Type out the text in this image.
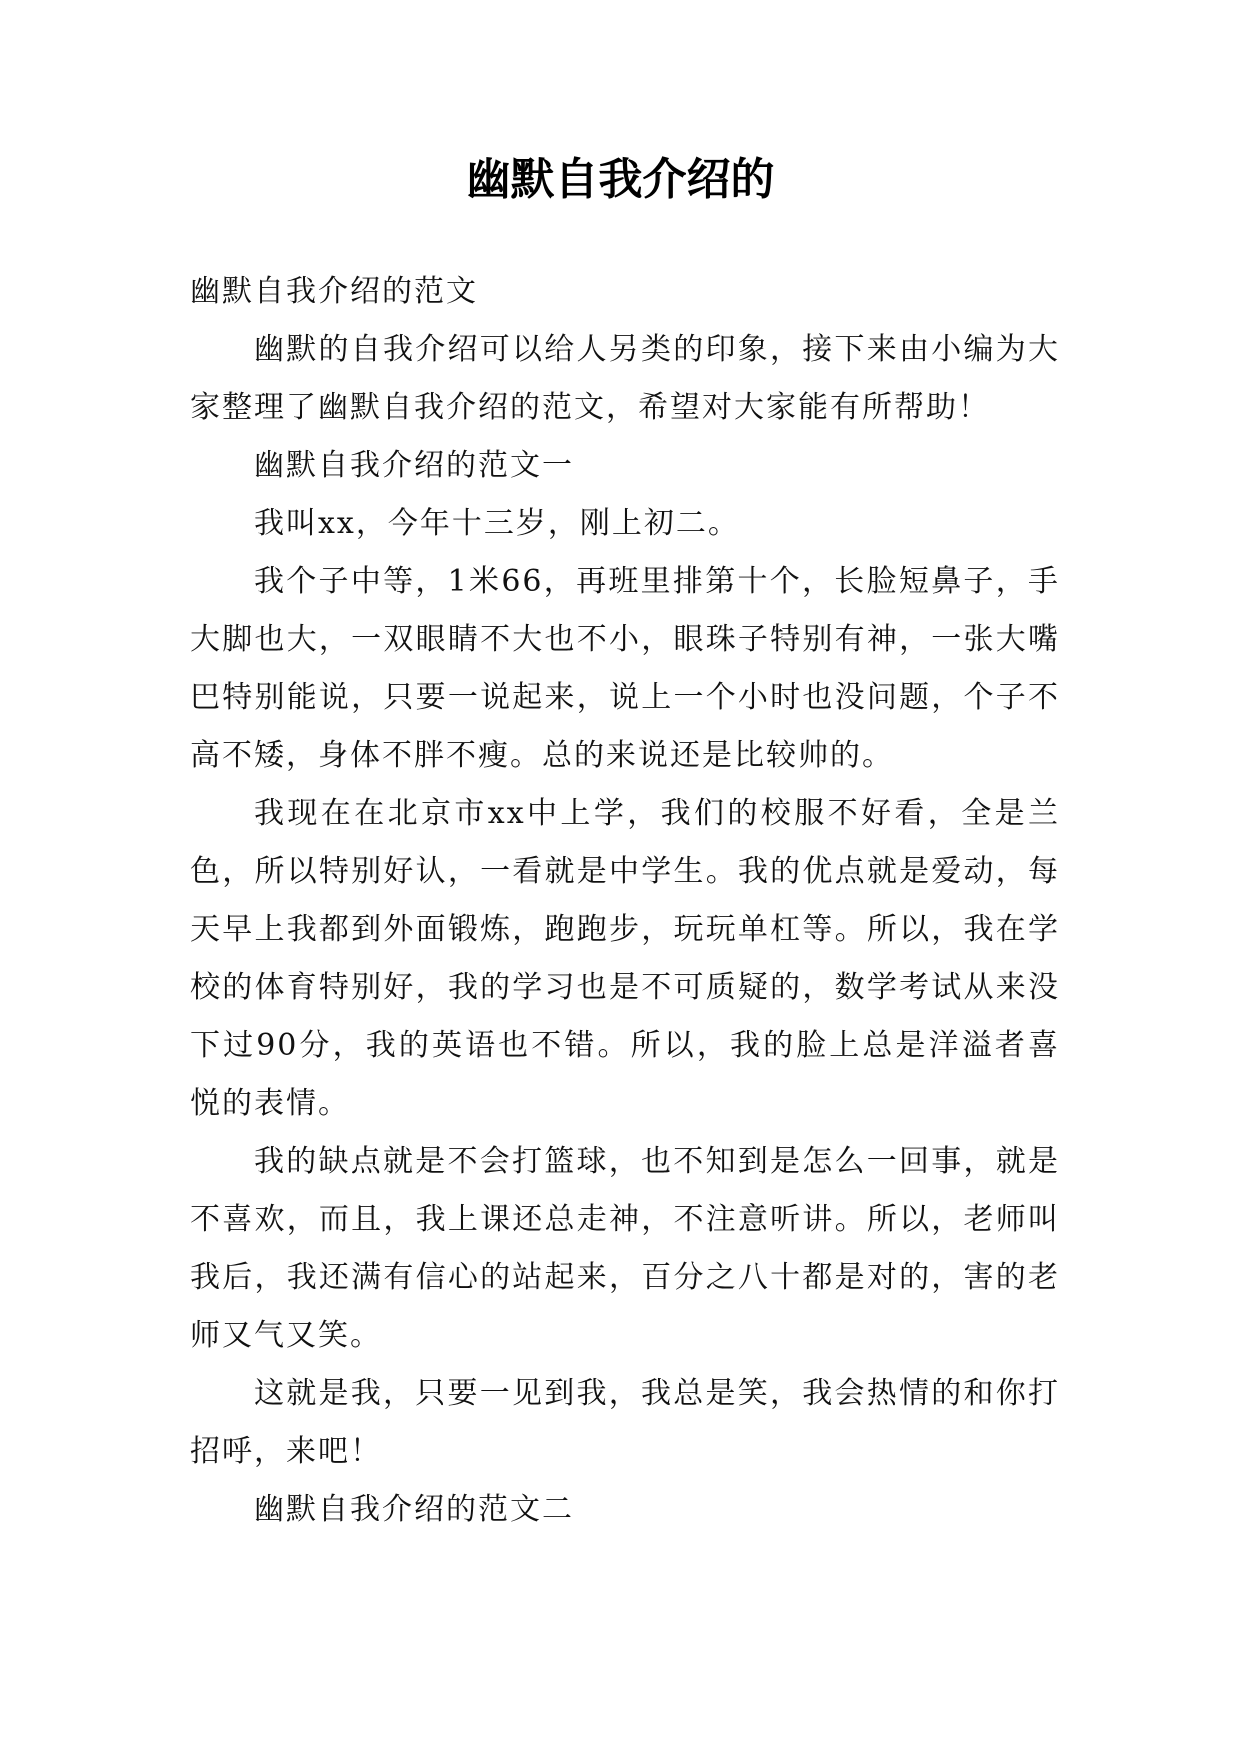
幽默自我介绍的

幽默自我介绍的范文

幽默的自我介绍可以给人另类的印象，接下来由小编为大家整理了幽默自我介绍的范文，希望对大家能有所帮助！

幽默自我介绍的范文一

我叫xx，今年十三岁，刚上初二。

我个子中等，1米66，再班里排第十个，长脸短鼻子，手大脚也大，一双眼睛不大也不小，眼珠子特别有神，一张大嘴巴特别能说，只要一说起来，说上一个小时也没问题，个子不高不矮，身体不胖不瘦。总的来说还是比较帅的。

我现在在北京市xx中上学，我们的校服不好看，全是兰色，所以特别好认，一看就是中学生。我的优点就是爱动，每天早上我都到外面锻炼，跑跑步，玩玩单杠等。所以，我在学校的体育特别好，我的学习也是不可质疑的，数学考试从来没下过90分，我的英语也不错。所以，我的脸上总是洋溢者喜悦的表情。

我的缺点就是不会打篮球，也不知到是怎么一回事，就是不喜欢，而且，我上课还总走神，不注意听讲。所以，老师叫我后，我还满有信心的站起来，百分之八十都是对的，害的老师又气又笑。

这就是我，只要一见到我，我总是笑，我会热情的和你打招呼，来吧！

幽默自我介绍的范文二
